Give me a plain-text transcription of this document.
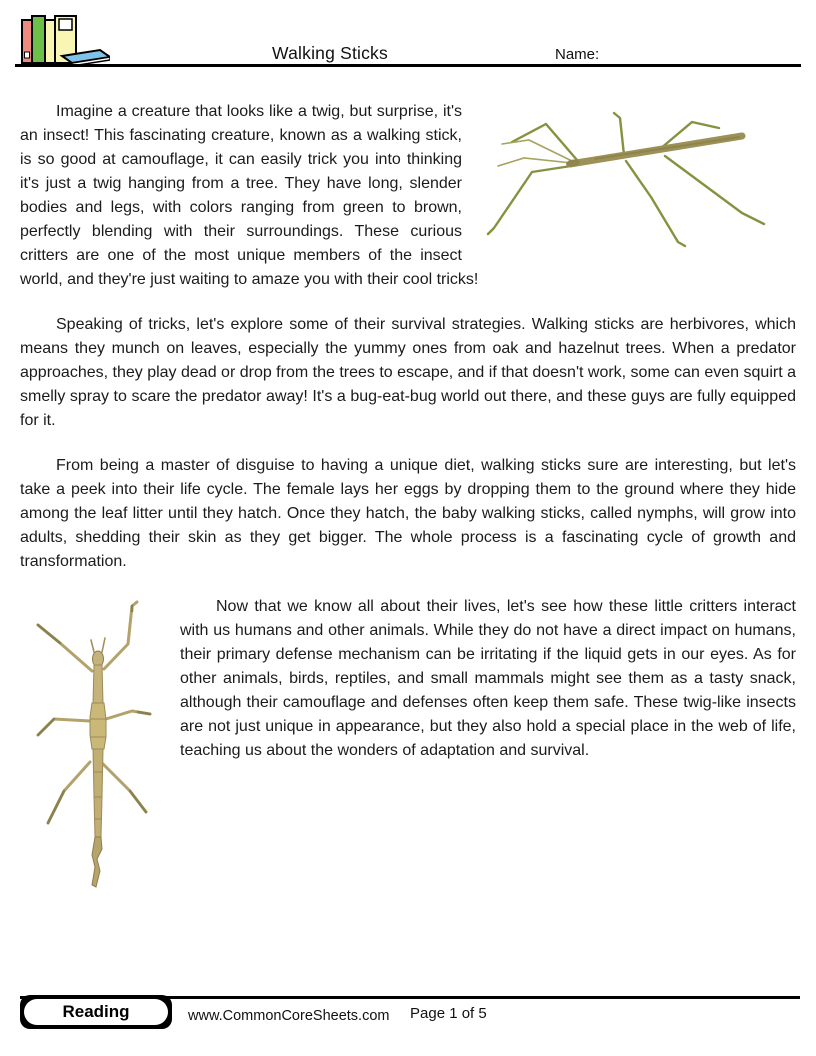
Walking Sticks	Name:

Imagine a creature that looks like a twig, but surprise, it's an insect! This fascinating creature, known as a walking stick, is so good at camouflage, it can easily trick you into thinking it's just a twig hanging from a tree. They have long, slender bodies and legs, with colors ranging from green to brown, perfectly blending with their surroundings. These curious critters are one of the most unique members of the insect world, and they're just waiting to amaze you with their cool tricks!

Speaking of tricks, let's explore some of their survival strategies. Walking sticks are herbivores, which means they munch on leaves, especially the yummy ones from oak and hazelnut trees. When a predator approaches, they play dead or drop from the trees to escape, and if that doesn't work, some can even squirt a smelly spray to scare the predator away! It's a bug-eat-bug world out there, and these guys are fully equipped for it.

From being a master of disguise to having a unique diet, walking sticks sure are interesting, but let's take a peek into their life cycle. The female lays her eggs by dropping them to the ground where they hide among the leaf litter until they hatch. Once they hatch, the baby walking sticks, called nymphs, will grow into adults, shedding their skin as they get bigger. The whole process is a fascinating cycle of growth and transformation.

Now that we know all about their lives, let's see how these little critters interact with us humans and other animals. While they do not have a direct impact on humans, their primary defense mechanism can be irritating if the liquid gets in our eyes. As for other animals, birds, reptiles, and small mammals might see them as a tasty snack, although their camouflage and defenses often keep them safe. These twig-like insects are not just unique in appearance, but they also hold a special place in the web of life, teaching us about the wonders of adaptation and survival.

Reading	www.CommonCoreSheets.com Page 1 of 5
